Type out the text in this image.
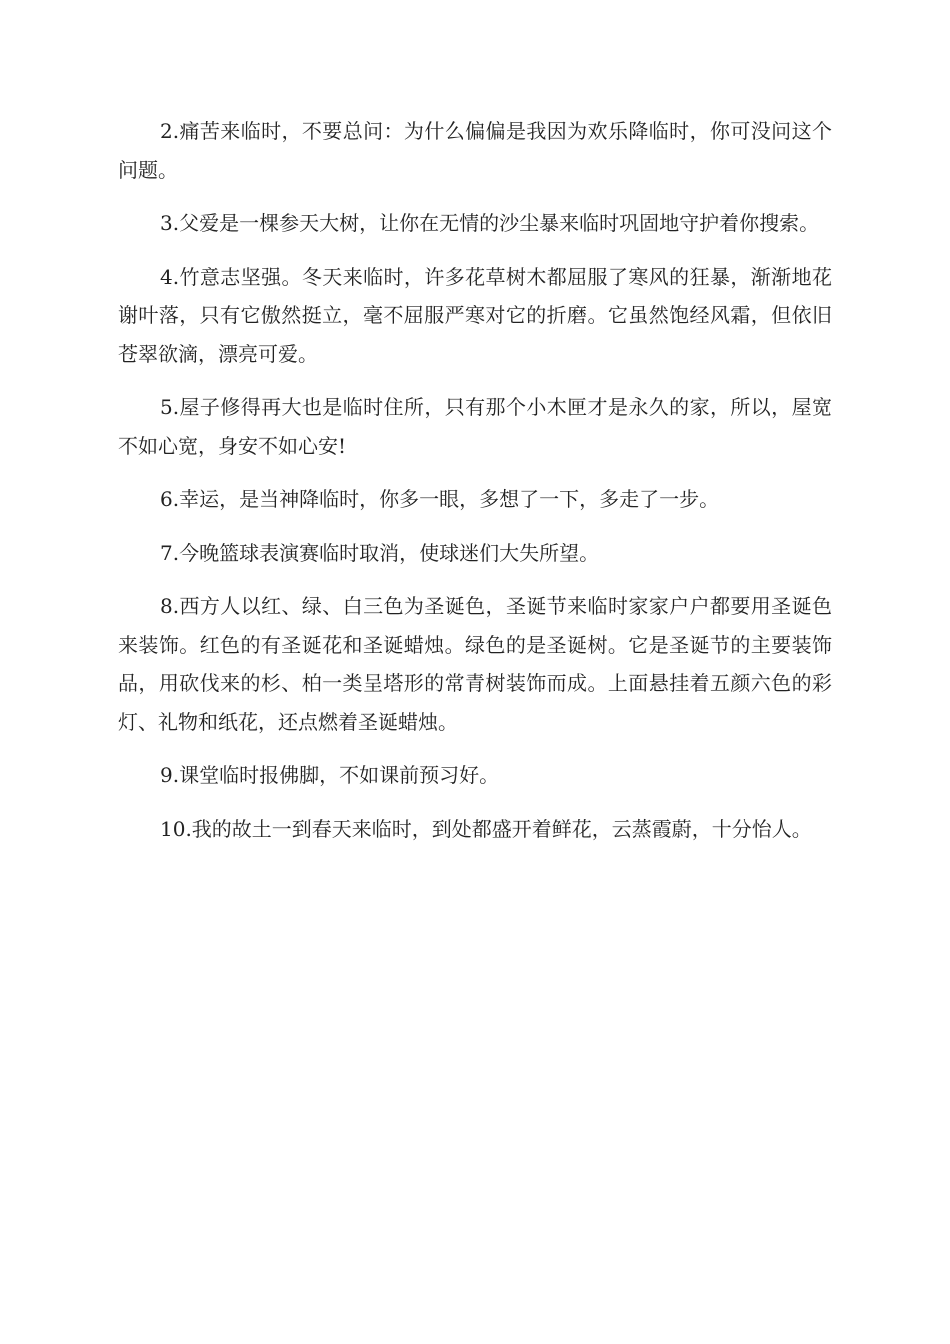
2.痛苦来临时，不要总问：为什么偏偏是我因为欢乐降临时，你可没问这个问题。

3.父爱是一棵参天大树，让你在无情的沙尘暴来临时巩固地守护着你搜索。

4.竹意志坚强。冬天来临时，许多花草树木都屈服了寒风的狂暴，渐渐地花谢叶落，只有它傲然挺立，毫不屈服严寒对它的折磨。它虽然饱经风霜，但依旧苍翠欲滴，漂亮可爱。

5.屋子修得再大也是临时住所，只有那个小木匣才是永久的家，所以，屋宽不如心宽，身安不如心安!

6.幸运，是当神降临时，你多一眼，多想了一下，多走了一步。

7.今晚篮球表演赛临时取消，使球迷们大失所望。

8.西方人以红、绿、白三色为圣诞色，圣诞节来临时家家户户都要用圣诞色来装饰。红色的有圣诞花和圣诞蜡烛。绿色的是圣诞树。它是圣诞节的主要装饰品，用砍伐来的杉、柏一类呈塔形的常青树装饰而成。上面悬挂着五颜六色的彩灯、礼物和纸花，还点燃着圣诞蜡烛。

9.课堂临时报佛脚，不如课前预习好。

10.我的故土一到春天来临时，到处都盛开着鲜花，云蒸霞蔚，十分怡人。
